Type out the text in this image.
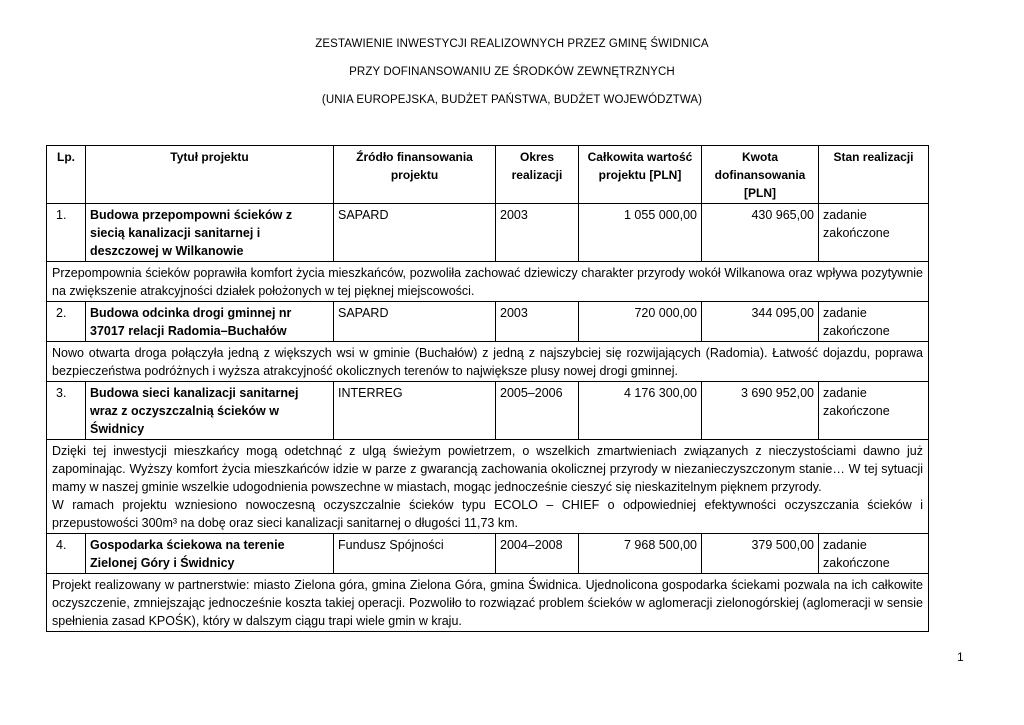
ZESTAWIENIE INWESTYCJI REALIZOWNYCH PRZEZ GMINĘ ŚWIDNICA
PRZY DOFINANSOWANIU ZE ŚRODKÓW ZEWNĘTRZNYCH
(UNIA EUROPEJSKA, BUDŻET PAŃSTWA, BUDŻET WOJEWÓDZTWA)
Lp.	Tytuł projektu	Źródło finansowania projektu	Okres realizacji	Całkowita wartość projektu [PLN]	Kwota dofinansowania [PLN]	Stan realizacji
1.	Budowa przepompowni ścieków z siecią kanalizacji sanitarnej i deszczowej w Wilkanowie	SAPARD	2003	1 055 000,00	430 965,00	zadanie zakończone

Przepompownia ścieków poprawiła komfort życia mieszkańców, pozwoliła zachować dziewiczy charakter przyrody wokół Wilkanowa oraz wpływa pozytywnie na zwiększenie atrakcyjności działek położonych w tej pięknej miejscowości.						

2.	Budowa odcinka drogi gminnej nr 37017 relacji Radomia–Buchałów	SAPARD	2003	720 000,00	344 095,00	zadanie zakończone

Nowo otwarta droga połączyła jedną z większych wsi w gminie (Buchałów) z jedną z najszybciej się rozwijających (Radomia). Łatwość dojazdu, poprawa bezpieczeństwa podróżnych i wyższa atrakcyjność okolicznych terenów to największe plusy nowej drogi gminnej.						

3.	Budowa sieci kanalizacji sanitarnej wraz z oczyszczalnią ścieków w Świdnicy	INTERREG	2005–2006	4 176 300,00	3 690 952,00	zadanie zakończone

Dzięki tej inwestycji mieszkańcy mogą odetchnąć z ulgą świeżym powietrzem, o wszelkich zmartwieniach związanych z nieczystościami dawno już zapominając. Wyższy komfort życia mieszkańców idzie w parze z gwarancją zachowania okolicznej przyrody w niezanieczyszczonym stanie… W tej sytuacji mamy w naszej gminie wszelkie udogodnienia powszechne w miastach, mogąc jednocześnie cieszyć się nieskazitelnym pięknem przyrody.

W ramach projektu wzniesiono nowoczesną oczyszczalnie ścieków typu ECOLO – CHIEF o odpowiedniej efektywności oczyszczania ścieków i przepustowości 300m³ na dobę oraz sieci kanalizacji sanitarnej o długości 11,73 km.						

4.	Gospodarka ściekowa na terenie Zielonej Góry i Świdnicy	Fundusz Spójności	2004–2008	7 968 500,00	379 500,00	zadanie zakończone

Projekt realizowany w partnerstwie: miasto Zielona góra, gmina Zielona Góra, gmina Świdnica. Ujednolicona gospodarka ściekami pozwala na ich całkowite oczyszczenie, zmniejszając jednocześnie koszta takiej operacji. Pozwoliło to rozwiązać problem ścieków w aglomeracji zielonogórskiej (aglomeracji w sensie spełnienia zasad KPOŚK), który w dalszym ciągu trapi wiele gmin w kraju.						

1
